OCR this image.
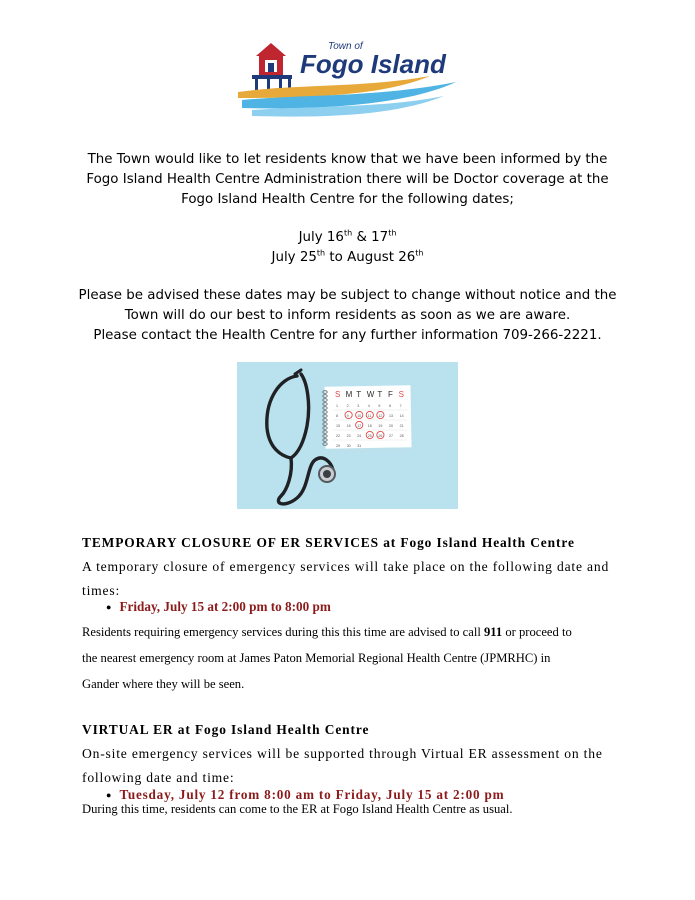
Town of
Fogo Island

The Town would like to let residents know that we have been informed by the

Fogo Island Health Centre Administration there will be Doctor coverage at the

Fogo Island Health Centre for the following dates;

July 16th & 17th

July 25th to August 26th

Please be advised these dates may be subject to change without notice and the

Town will do our best to inform residents as soon as we are aware.

Please contact the Health Centre for any further information 709-266-2221.

S M T W T F S
1 2 3 4 5 6 7
8 9 10 11 12 13 14
15 16 17 18 19 20 21
22 23 24 25 26 27 28
29 30 31
TEMPORARY CLOSURE OF ER SERVICES at Fogo Island Health Centre
A temporary closure of emergency services will take place on the following date and
times:
● Friday, July 15 at 2:00 pm to 8:00 pm
Residents requiring emergency services during this this time are advised to call 911 or proceed to
the nearest emergency room at James Paton Memorial Regional Health Centre (JPMRHC) in
Gander where they will be seen.
VIRTUAL ER at Fogo Island Health Centre
On-site emergency services will be supported through Virtual ER assessment on the
following date and time:
● Tuesday, July 12 from 8:00 am to Friday, July 15 at 2:00 pm
During this time, residents can come to the ER at Fogo Island Health Centre as usual.
